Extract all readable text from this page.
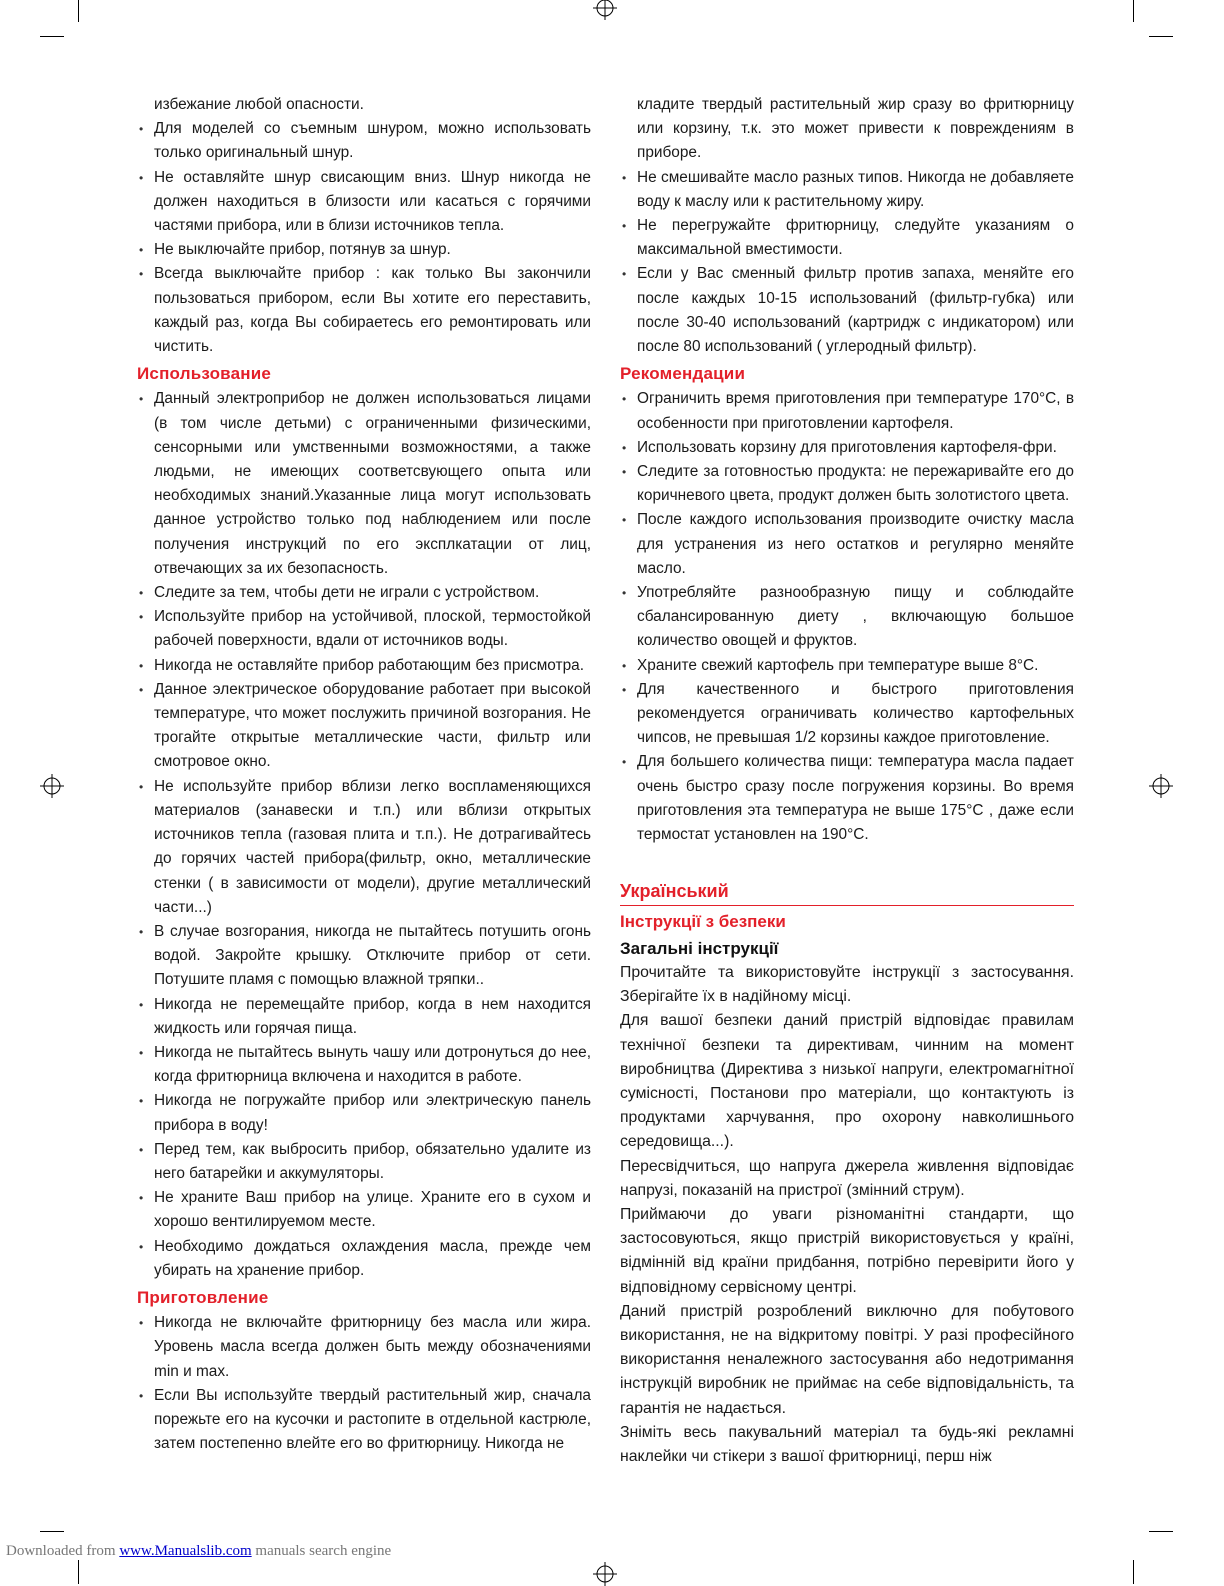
избежание любой опасности.

• Для моделей со съемным шнуром, можно использовать только оригинальный шнур.
• Не оставляйте шнур свисающим вниз. Шнур никогда не должен находиться в близости или касаться с горячими частями прибора, или в близи источников тепла.
• Не выключайте прибор, потянув за шнур.
• Всегда выключайте прибор : как только Вы закончили пользоваться прибором, если Вы хотите его переставить, каждый раз, когда Вы собираетесь его ремонтировать или чистить.
Использование
• Данный электроприбор не должен использоваться лицами (в том числе детьми) с ограниченными физическими, сенсорными или умственными возможностями, а также людьми, не имеющих соответсвующего опыта или необходимых знаний.Указанные лица могут использовать данное устройство только под наблюдением или после получения инструкций по его эксплкатации от лиц, отвечающих за их безопасность.
• Следите за тем, чтобы дети не играли с устройством.
• Используйте прибор на устойчивой, плоской, термостойкой рабочей поверхности, вдали от источников воды.
• Никогда не оставляйте прибор работающим без присмотра.
• Данное электрическое оборудование работает при высокой температуре, что может послужить причиной возгорания. Не трогайте открытые металлические части, фильтр или смотровое окно.
• Не используйте прибор вблизи легко воспламеняющихся материалов (занавески и т.п.) или вблизи открытых источников тепла (газовая плита и т.п.). Не дотрагивайтесь до горячих частей прибора(фильтр, окно, металлические стенки ( в зависимости от модели), другие металлический части...)
• В случае возгорания, никогда не пытайтесь потушить огонь водой. Закройте крышку. Отключите прибор от сети. Потушите пламя с помощью влажной тряпки..
• Никогда не перемещайте прибор, когда в нем находится жидкость или горячая пища.
• Никогда не пытайтесь вынуть чашу или дотронуться до нее, когда фритюрница включена и находится в работе.
• Никогда не погружайте прибор или электрическую панель прибора в воду!
• Перед тем, как выбросить прибор, обязательно удалите из него батарейки и аккумуляторы.
• Не храните Ваш прибор на улице. Храните его в сухом и хорошо вентилируемом месте.
• Необходимо дождаться охлаждения масла, прежде чем убирать на хранение прибор.
Приготовление
• Никогда не включайте фритюрницу без масла или жира. Уровень масла всегда должен быть между обозначениями min и max.
• Если Вы используйте твердый растительный жир, сначала порежьте его на кусочки и растопите в отдельной кастрюле, затем постепенно влейте его во фритюрницу. Никогда не

кладите твердый растительный жир сразу во фритюрницу или корзину, т.к. это может привести к повреждениям в приборе.

• Не смешивайте масло разных типов. Никогда не добавляете воду к маслу или к растительному жиру.
• Не перегружайте фритюрницу, следуйте указаниям о максимальной вместимости.
• Если у Вас сменный фильтр против запаха, меняйте его после каждых 10-15 использований (фильтр-губка) или после 30-40 использований (картридж с индикатором) или после 80 использований ( углеродный фильтр).
Рекомендации
• Ограничить время приготовления при температуре 170°C, в особенности при приготовлении картофеля.
• Использовать корзину для приготовления картофеля-фри.
• Следите за готовностью продукта: не пережаривайте его до коричневого цвета, продукт должен быть золотистого цвета.
• После каждого использования производите очистку масла для устранения из него остатков и регулярно меняйте масло.
• Употребляйте разнообразную пищу и соблюдайте сбалансированную диету , включающую большое количество овощей и фруктов.
• Храните свежий картофель при температуре выше 8°C.
• Для качественного и быстрого приготовления рекомендуется ограничивать количество картофельных чипсов, не превышая 1/2 корзины каждое приготовление.
• Для большего количества пищи: температура масла падает очень быстро сразу после погружения корзины. Во время приготовления эта температура не выше 175°C , даже если термостат установлен на 190°C.
Український
Інструкції з безпеки
Загальні інструкції

Прочитайте та використовуйте інструкції з застосування. Зберігайте їх в надійному місці.

Для вашої безпеки даний пристрій відповідає правилам технічної безпеки та директивам, чинним на момент виробництва (Директива з низької напруги, електромагнітної сумісності, Постанови про матеріали, що контактують із продуктами харчування, про охорону навколишнього середовища...).

Пересвідчиться, що напруга джерела живлення відповідає напрузі, показаній на пристрої (змінний струм).

Приймаючи до уваги різноманітні стандарти, що застосовуються, якщо пристрій використовується у країні, відмінній від країни придбання, потрібно перевірити його у відповідному сервісному центрі.

Даний пристрій розроблений виключно для побутового використання, не на відкритому повітрі. У разі професійного використання неналежного застосування або недотримання інструкцій виробник не приймає на себе відповідальність, та гарантія не надається.

Зніміть весь пакувальний матеріал та будь-які рекламні наклейки чи стікери з вашої фритюрниці, перш ніж

Downloaded from www.Manualslib.com manuals search engine
